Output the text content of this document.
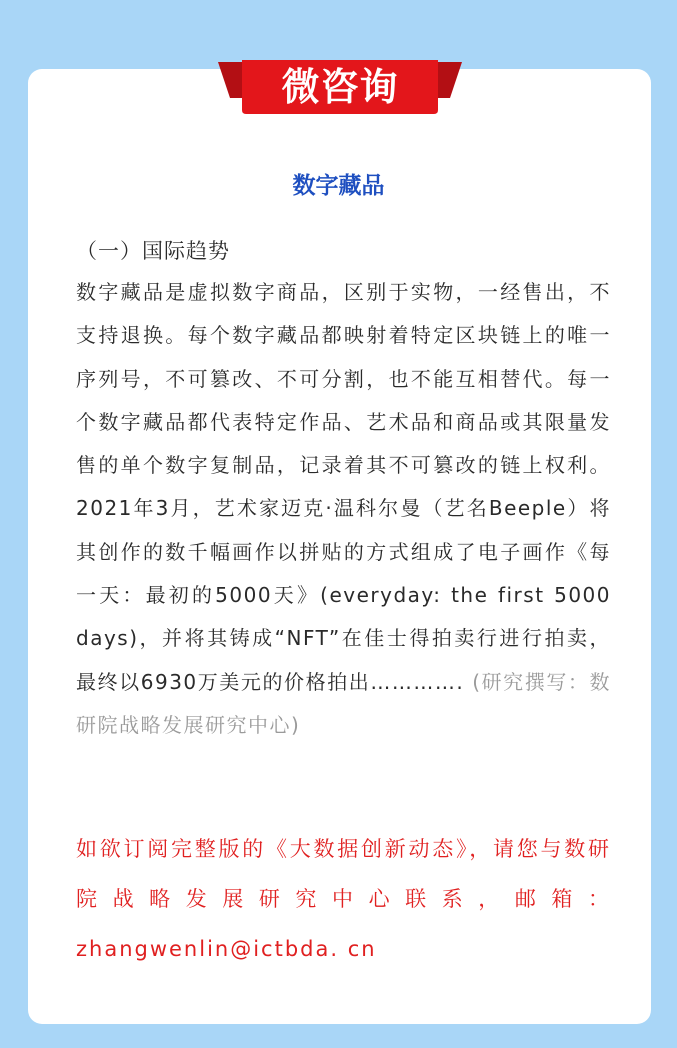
微咨询
数字藏品
（一）国际趋势
数字藏品是虚拟数字商品，区别于实物，一经售出，不支持退换。每个数字藏品都映射着特定区块链上的唯一序列号，不可篡改、不可分割，也不能互相替代。每一个数字藏品都代表特定作品、艺术品和商品或其限量发售的单个数字复制品，记录着其不可篡改的链上权利。2021年3月，艺术家迈克·温科尔曼（艺名Beeple）将其创作的数千幅画作以拼贴的方式组成了电子画作《每一天：最初的5000天》(everyday: the first 5000 days)，并将其铸成“NFT”在佳士得拍卖行进行拍卖，最终以6930万美元的价格拍出…………. (研究撰写：数研院战略发展研究中心)
如欲订阅完整版的《大数据创新动态》，请您与数研院战略发展研究中心联系，邮箱：zhangwenlin@ictbda. cn
